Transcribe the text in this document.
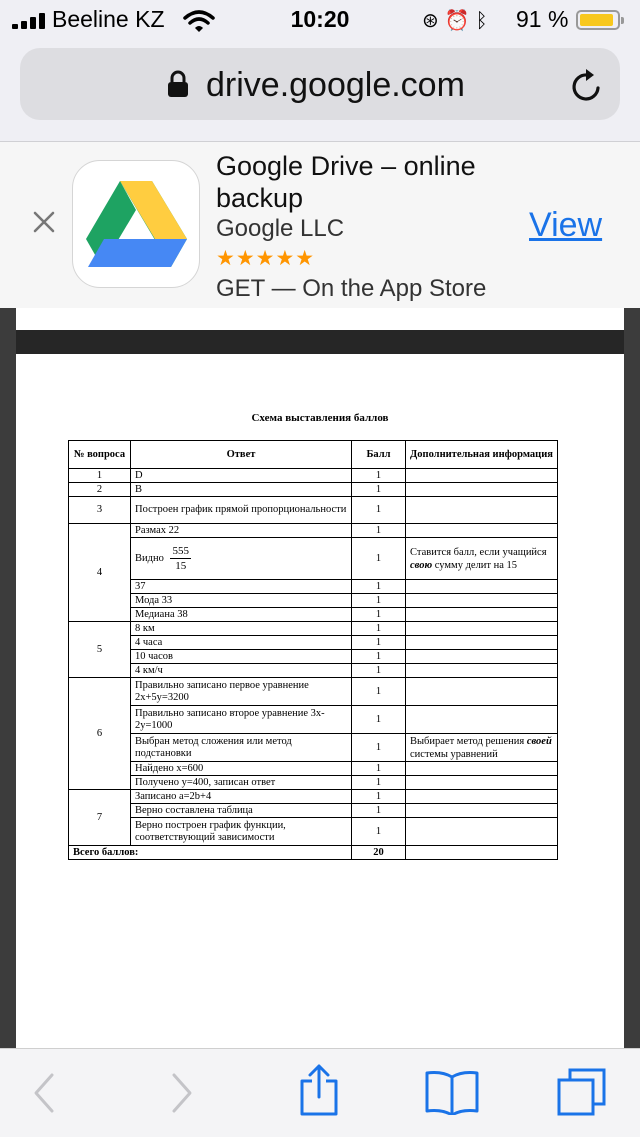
Beeline KZ	10:20	⊛⏰ᛒ 91 %
drive.google.com
Google Drive – online backup
Google LLC
★★★★★
GET — On the App Store
View
Схема выставления баллов
№ вопроса	Ответ	Балл	Дополнительная информация
1	D	1	
2	B	1	
3	Построен график прямой пропорциональности	1	
4	Размах 22	1	
	Видно $\frac{555}{15}$	1	Ставится балл, если учащийся свою сумму делит на 15
	37	1	
	Мода 33	1	
	Медиана 38	1	
5	8 км	1	
	4 часа	1	
	10 часов	1	
	4 км/ч	1	
6	Правильно записано первое уравнение 2x+5y=3200	1	
	Правильно записано второе уравнение 3x-2y=1000	1	
	Выбран метод сложения или метод подстановки	1	Выбирает метод решения своей системы уравнений
	Найдено x=600	1	
	Получено y=400, записан ответ	1	
7	Записано a=2b+4	1	
	Верно составлена таблица	1	
	Верно построен график функции, соответствующий зависимости	1	
Всего баллов:		20	
